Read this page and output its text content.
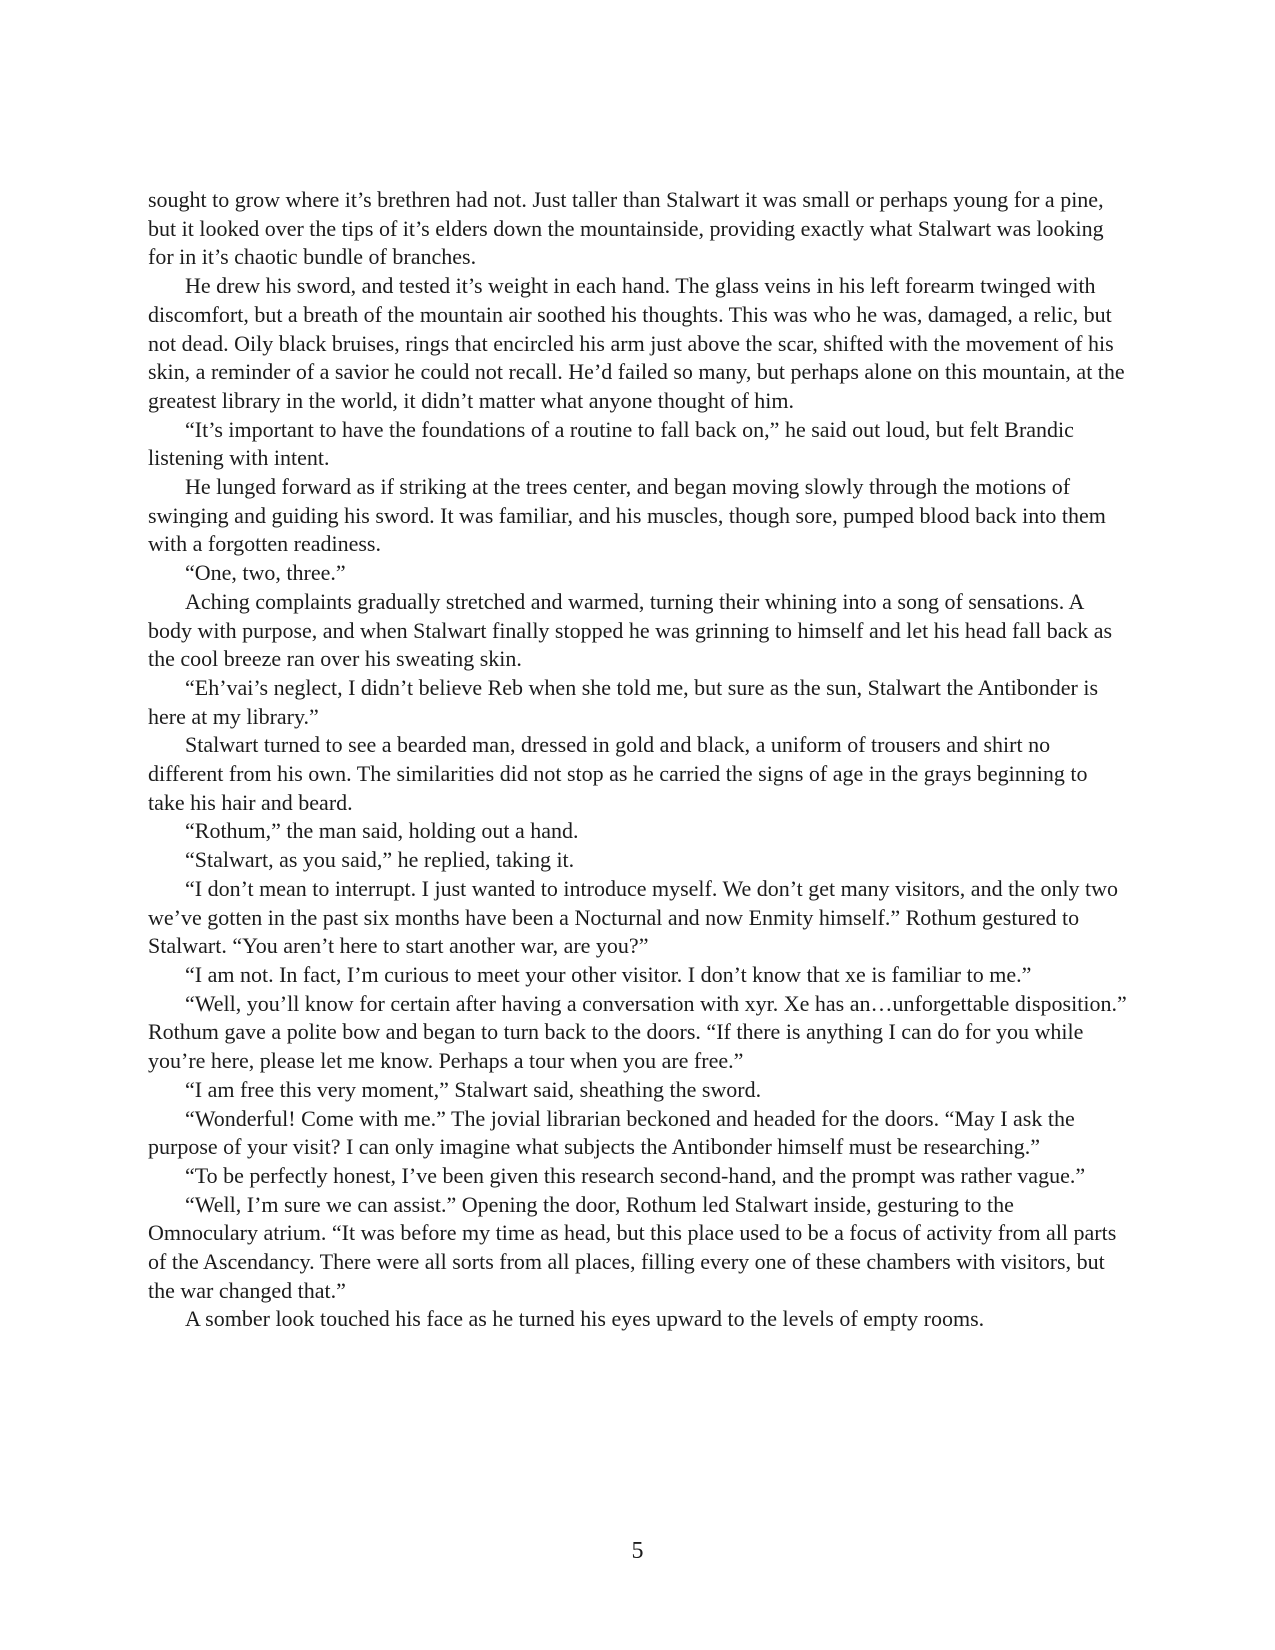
sought to grow where it’s brethren had not. Just taller than Stalwart it was small or perhaps young for a pine, but it looked over the tips of it’s elders down the mountainside, providing exactly what Stalwart was looking for in it’s chaotic bundle of branches.

He drew his sword, and tested it’s weight in each hand. The glass veins in his left forearm twinged with discomfort, but a breath of the mountain air soothed his thoughts. This was who he was, damaged, a relic, but not dead. Oily black bruises, rings that encircled his arm just above the scar, shifted with the movement of his skin, a reminder of a savior he could not recall. He’d failed so many, but perhaps alone on this mountain, at the greatest library in the world, it didn’t matter what anyone thought of him.

“It’s important to have the foundations of a routine to fall back on,” he said out loud, but felt Brandic listening with intent.

He lunged forward as if striking at the trees center, and began moving slowly through the motions of swinging and guiding his sword. It was familiar, and his muscles, though sore, pumped blood back into them with a forgotten readiness.

“One, two, three.”

Aching complaints gradually stretched and warmed, turning their whining into a song of sensations. A body with purpose, and when Stalwart finally stopped he was grinning to himself and let his head fall back as the cool breeze ran over his sweating skin.

“Eh’vai’s neglect, I didn’t believe Reb when she told me, but sure as the sun, Stalwart the Antibonder is here at my library.”

Stalwart turned to see a bearded man, dressed in gold and black, a uniform of trousers and shirt no different from his own. The similarities did not stop as he carried the signs of age in the grays beginning to take his hair and beard.

“Rothum,” the man said, holding out a hand.

“Stalwart, as you said,” he replied, taking it.

“I don’t mean to interrupt. I just wanted to introduce myself. We don’t get many visitors, and the only two we’ve gotten in the past six months have been a Nocturnal and now Enmity himself.” Rothum gestured to Stalwart. “You aren’t here to start another war, are you?”

“I am not. In fact, I’m curious to meet your other visitor. I don’t know that xe is familiar to me.”

“Well, you’ll know for certain after having a conversation with xyr. Xe has an…unforgettable disposition.” Rothum gave a polite bow and began to turn back to the doors. “If there is anything I can do for you while you’re here, please let me know. Perhaps a tour when you are free.”

“I am free this very moment,” Stalwart said, sheathing the sword.

“Wonderful! Come with me.” The jovial librarian beckoned and headed for the doors. “May I ask the purpose of your visit? I can only imagine what subjects the Antibonder himself must be researching.”

“To be perfectly honest, I’ve been given this research second-hand, and the prompt was rather vague.”

“Well, I’m sure we can assist.” Opening the door, Rothum led Stalwart inside, gesturing to the Omnoculary atrium. “It was before my time as head, but this place used to be a focus of activity from all parts of the Ascendancy. There were all sorts from all places, filling every one of these chambers with visitors, but the war changed that.”

A somber look touched his face as he turned his eyes upward to the levels of empty rooms.

5
